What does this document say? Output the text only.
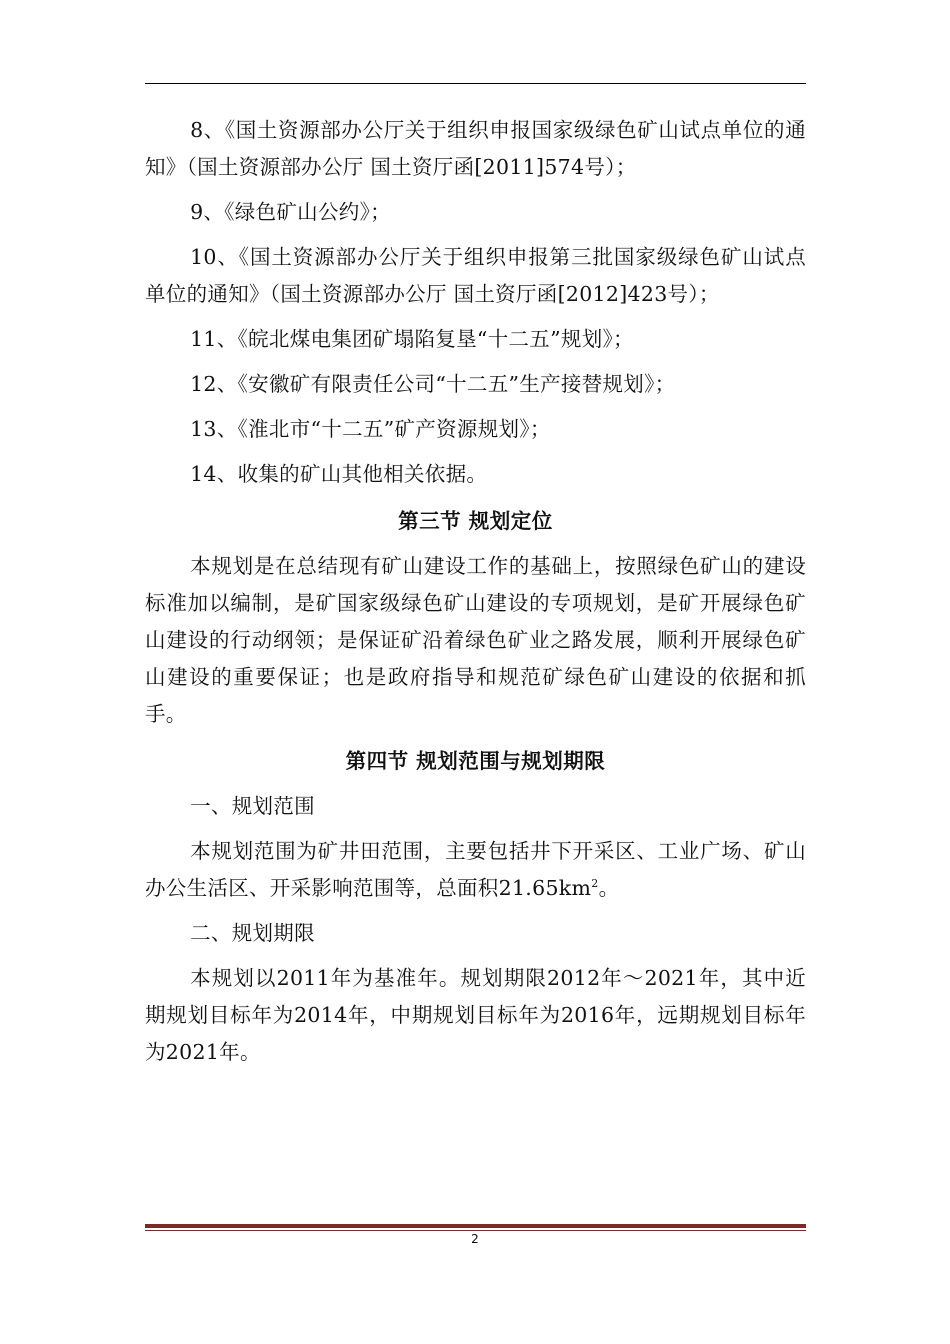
8、《国土资源部办公厅关于组织申报国家级绿色矿山试点单位的通知》（国土资源部办公厅 国土资厅函[2011]574号）；

9、《绿色矿山公约》；

10、《国土资源部办公厅关于组织申报第三批国家级绿色矿山试点单位的通知》（国土资源部办公厅 国土资厅函[2012]423号）；

11、《皖北煤电集团矿塌陷复垦“十二五”规划》；

12、《安徽矿有限责任公司“十二五”生产接替规划》；

13、《淮北市“十二五”矿产资源规划》；

14、收集的矿山其他相关依据。

第三节 规划定位

本规划是在总结现有矿山建设工作的基础上，按照绿色矿山的建设标准加以编制，是矿国家级绿色矿山建设的专项规划，是矿开展绿色矿山建设的行动纲领；是保证矿沿着绿色矿业之路发展，顺利开展绿色矿山建设的重要保证；也是政府指导和规范矿绿色矿山建设的依据和抓手。

第四节 规划范围与规划期限

一、规划范围

本规划范围为矿井田范围，主要包括井下开采区、工业广场、矿山办公生活区、开采影响范围等，总面积$21.65km^2$。

二、规划期限

本规划以2011年为基准年。规划期限2012年～2021年，其中近期规划目标年为2014年，中期规划目标年为2016年，远期规划目标年为2021年。

2
